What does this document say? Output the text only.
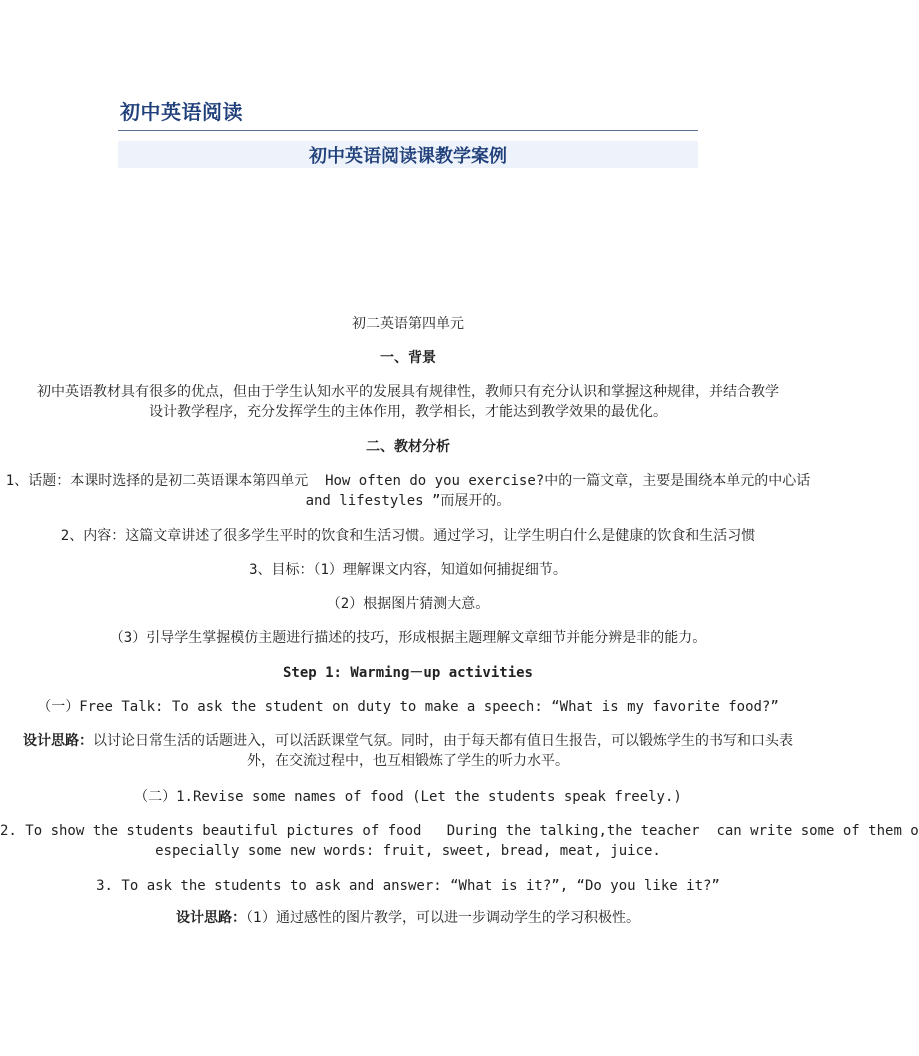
初中英语阅读
初中英语阅读课教学案例
初二英语第四单元
一、背景
初中英语教材具有很多的优点，但由于学生认知水平的发展具有规律性，教师只有充分认识和掌握这种规律，并结合教学
设计教学程序，充分发挥学生的主体作用，教学相长，才能达到教学效果的最优化。
二、教材分析
1、话题：本课时选择的是初二英语课本第四单元  How often do you exercise?中的一篇文章，主要是围绕本单元的中心话
and lifestyles ”而展开的。
2、内容：这篇文章讲述了很多学生平时的饮食和生活习惯。通过学习，让学生明白什么是健康的饮食和生活习惯
3、目标：（1）理解课文内容，知道如何捕捉细节。
（2）根据图片猜测大意。
（3）引导学生掌握模仿主题进行描述的技巧，形成根据主题理解文章细节并能分辨是非的能力。
Step 1: Warming－up activities
（一）Free Talk: To ask the student on duty to make a speech: “What is my favorite food?”
设计思路：以讨论日常生活的话题进入，可以活跃课堂气氛。同时，由于每天都有值日生报告，可以锻炼学生的书写和口头表
外，在交流过程中，也互相锻炼了学生的听力水平。
（二）1.Revise some names of food (Let the students speak freely.)
2. To show the students beautiful pictures of food   During the talking,the teacher  can write some of them o
especially some new words: fruit, sweet, bread, meat, juice.
3. To ask the students to ask and answer: “What is it?”, “Do you like it?”
设计思路：（1）通过感性的图片教学，可以进一步调动学生的学习积极性。
